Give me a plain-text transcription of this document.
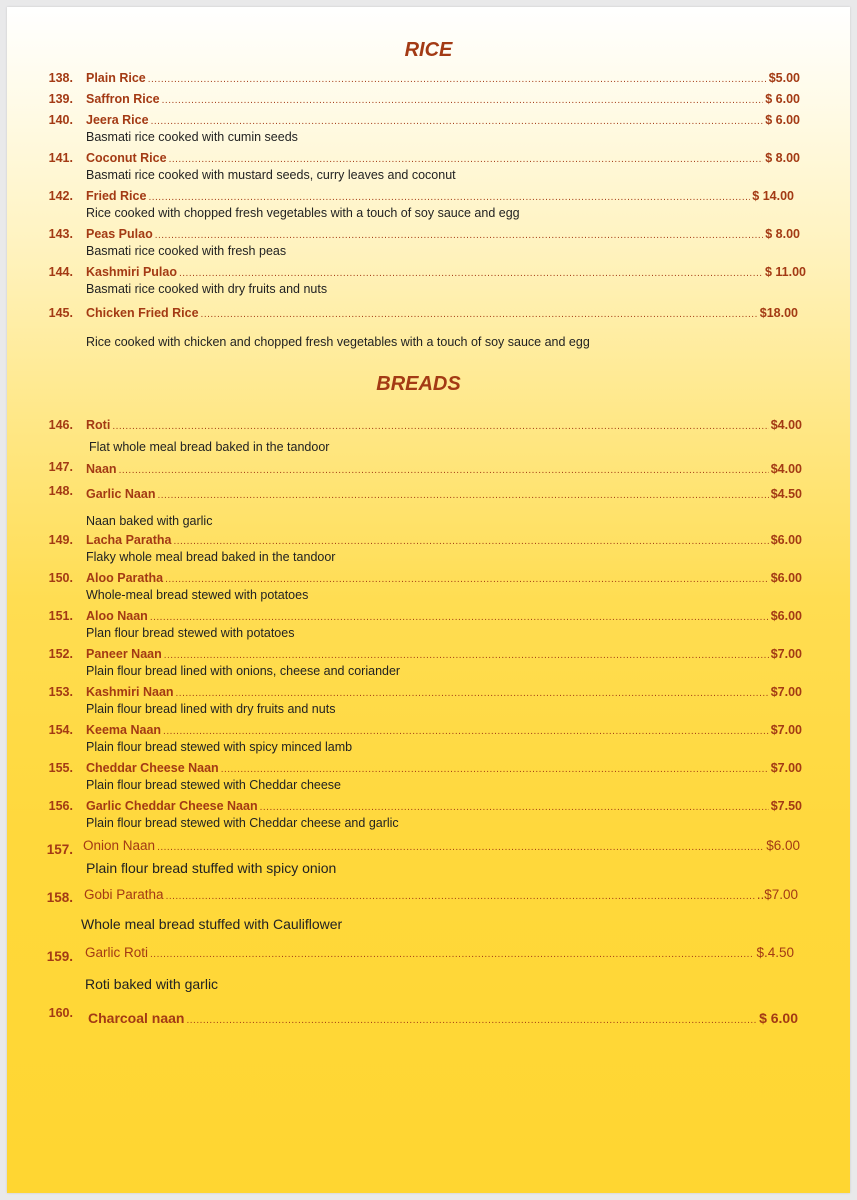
RICE
138. Plain Rice .....	$5.00
139. Saffron Rice .....	$ 6.00
140. Jeera Rice .....	$ 6.00
Basmati rice cooked with cumin seeds
141. Coconut Rice .....	$ 8.00
Basmati rice cooked with mustard seeds, curry leaves and coconut
142. Fried Rice .....	$ 14.00
Rice cooked with chopped fresh vegetables with a touch of soy sauce and egg
143. Peas Pulao .....	$ 8.00
Basmati rice cooked with fresh peas
144. Kashmiri Pulao .....	$ 11.00
Basmati rice cooked with dry fruits and nuts
145. Chicken Fried Rice .....	$18.00
Rice cooked with chicken and chopped fresh vegetables with a touch of soy sauce and egg
BREADS
146. Roti .....	$4.00
Flat whole meal bread baked in the tandoor
147. Naan .....	$4.00
148. Garlic Naan .....	$4.50
Naan baked with garlic
149. Lacha Paratha .....	$6.00
Flaky whole meal bread baked in the tandoor
150. Aloo Paratha .....	$6.00
Whole-meal bread stewed with potatoes
151. Aloo Naan .....	$6.00
Plan flour bread stewed with potatoes
152. Paneer Naan .....	$7.00
Plain flour bread lined with onions, cheese and coriander
153. Kashmiri Naan .....	$7.00
Plain flour bread lined with dry fruits and nuts
154. Keema Naan .....	$7.00
Plain flour bread stewed with spicy minced lamb
155. Cheddar Cheese Naan .....	$7.00
Plain flour bread stewed with Cheddar cheese
156. Garlic Cheddar Cheese Naan .....	$7.50
Plain flour bread stewed with Cheddar cheese and garlic
157. Onion Naan .....	$6.00
Plain flour bread stuffed with spicy onion
158. Gobi Paratha .....	..$7.00
Whole meal bread stuffed with Cauliflower
159. Garlic Roti .....	$.4.50
Roti baked with garlic
160. Charcoal naan .....	$ 6.00
